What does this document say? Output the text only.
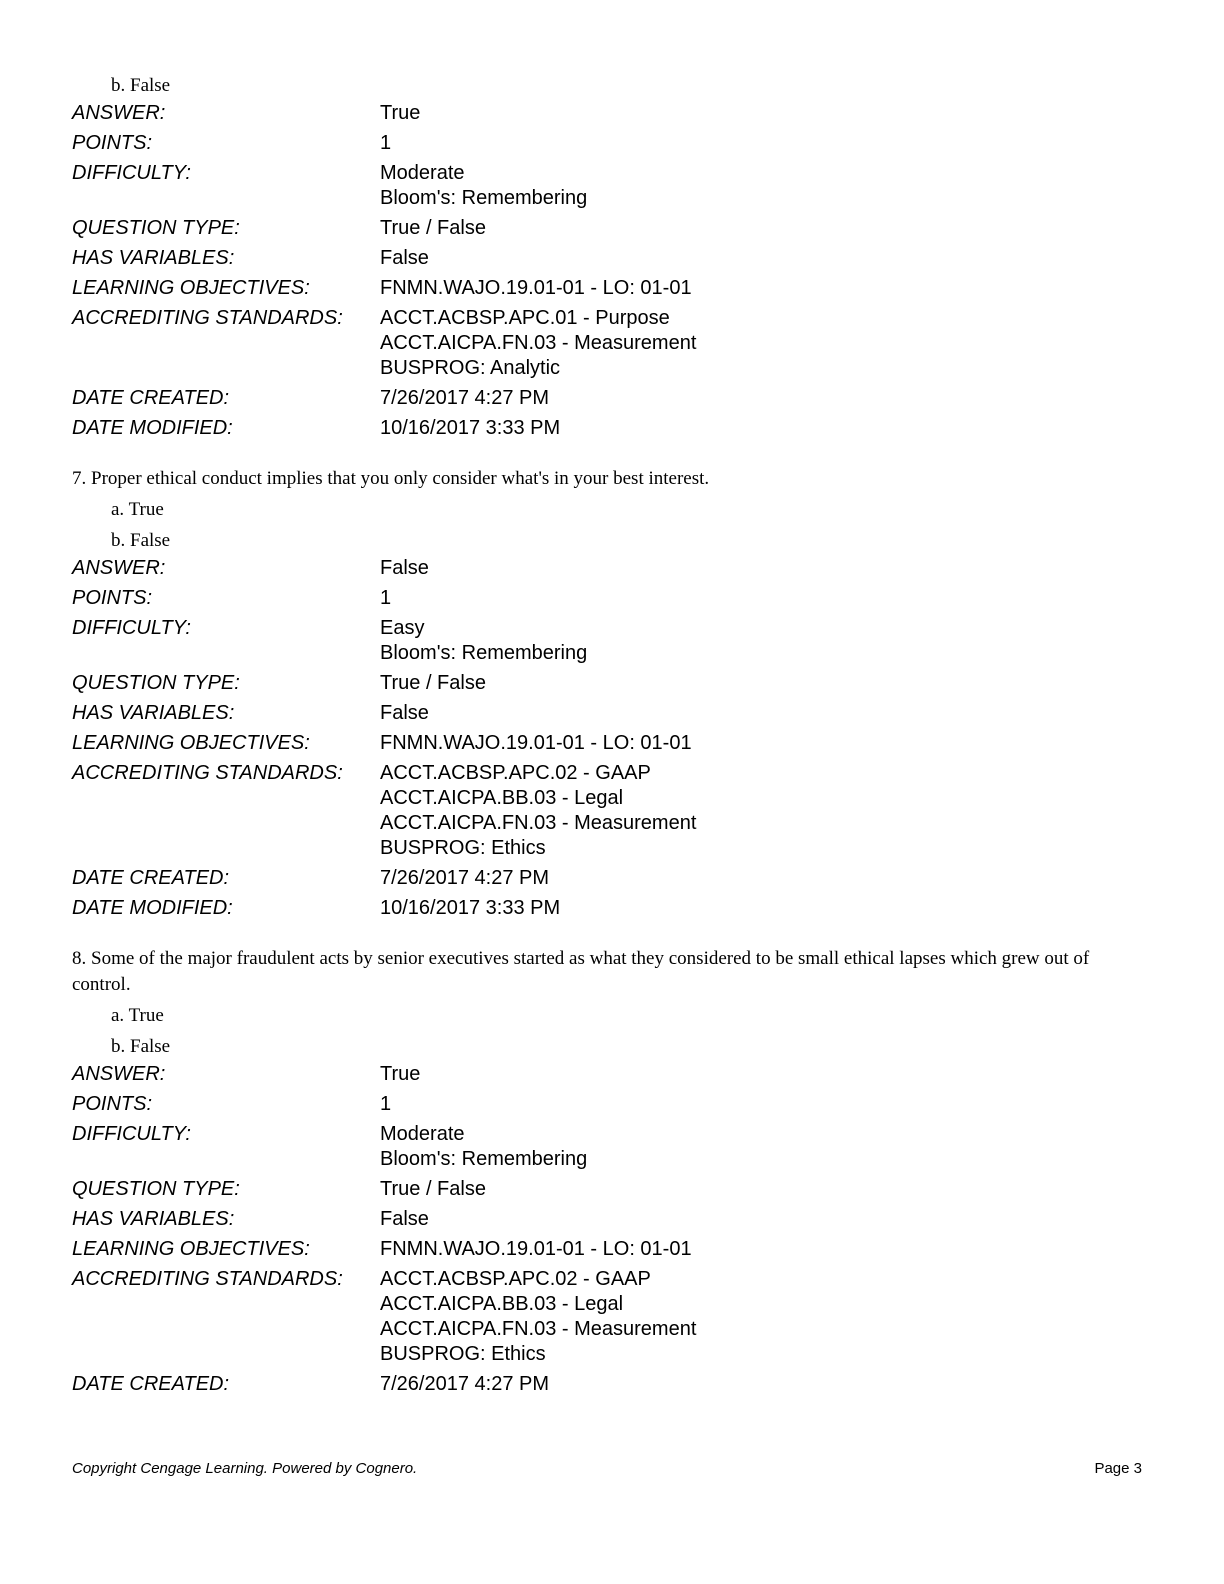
b. False
ANSWER:	True
POINTS:	1
DIFFICULTY:	Moderate
Bloom's: Remembering
QUESTION TYPE:	True / False
HAS VARIABLES:	False
LEARNING OBJECTIVES:	FNMN.WAJO.19.01-01 - LO: 01-01
ACCREDITING STANDARDS:	ACCT.ACBSP.APC.01 - Purpose
ACCT.AICPA.FN.03 - Measurement
BUSPROG: Analytic
DATE CREATED:	7/26/2017 4:27 PM
DATE MODIFIED:	10/16/2017 3:33 PM
7. Proper ethical conduct implies that you only consider what's in your best interest.
a. True
b. False
ANSWER:	False
POINTS:	1
DIFFICULTY:	Easy
Bloom's: Remembering
QUESTION TYPE:	True / False
HAS VARIABLES:	False
LEARNING OBJECTIVES:	FNMN.WAJO.19.01-01 - LO: 01-01
ACCREDITING STANDARDS:	ACCT.ACBSP.APC.02 - GAAP
ACCT.AICPA.BB.03 - Legal
ACCT.AICPA.FN.03 - Measurement
BUSPROG: Ethics
DATE CREATED:	7/26/2017 4:27 PM
DATE MODIFIED:	10/16/2017 3:33 PM
8. Some of the major fraudulent acts by senior executives started as what they considered to be small ethical lapses which grew out of control.
a. True
b. False
ANSWER:	True
POINTS:	1
DIFFICULTY:	Moderate
Bloom's: Remembering
QUESTION TYPE:	True / False
HAS VARIABLES:	False
LEARNING OBJECTIVES:	FNMN.WAJO.19.01-01 - LO: 01-01
ACCREDITING STANDARDS:	ACCT.ACBSP.APC.02 - GAAP
ACCT.AICPA.BB.03 - Legal
ACCT.AICPA.FN.03 - Measurement
BUSPROG: Ethics
DATE CREATED:	7/26/2017 4:27 PM
Copyright Cengage Learning. Powered by Cognero.	Page 3
